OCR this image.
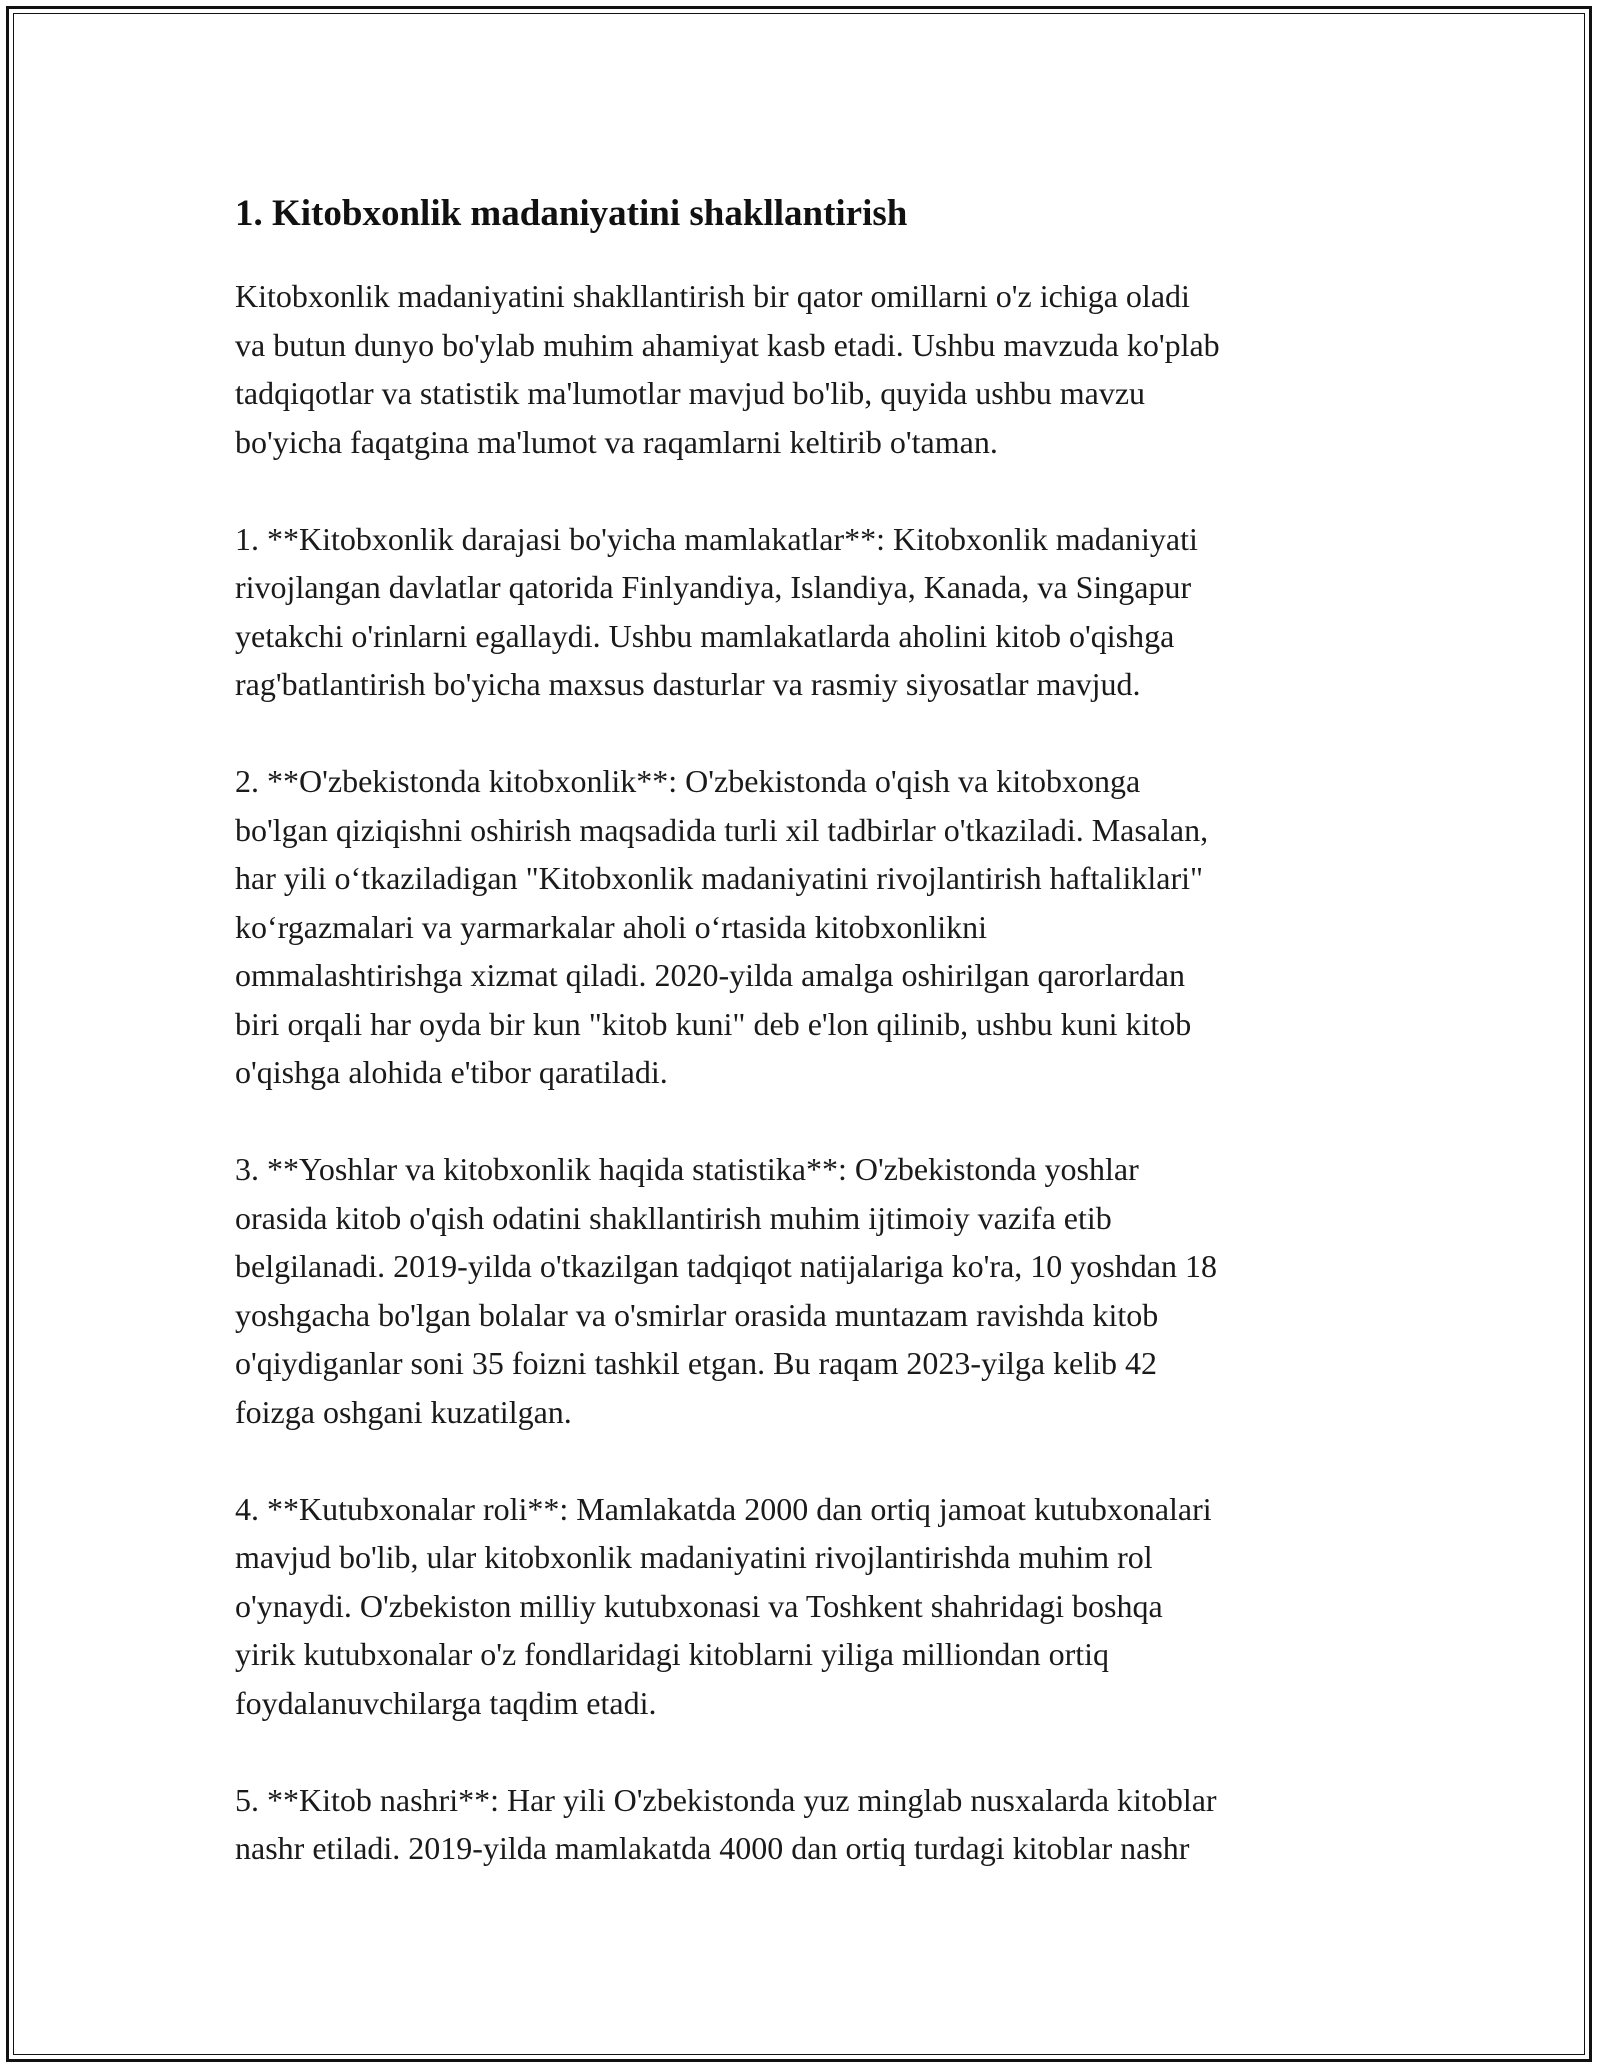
1. Kitobxonlik madaniyatini shakllantirish

Kitobxonlik madaniyatini shakllantirish bir qator omillarni o'z ichiga oladi
va butun dunyo bo'ylab muhim ahamiyat kasb etadi. Ushbu mavzuda ko'plab
tadqiqotlar va statistik ma'lumotlar mavjud bo'lib, quyida ushbu mavzu
bo'yicha faqatgina ma'lumot va raqamlarni keltirib o'taman.

1. **Kitobxonlik darajasi bo'yicha mamlakatlar**: Kitobxonlik madaniyati
rivojlangan davlatlar qatorida Finlyandiya, Islandiya, Kanada, va Singapur
yetakchi o'rinlarni egallaydi. Ushbu mamlakatlarda aholini kitob o'qishga
rag'batlantirish bo'yicha maxsus dasturlar va rasmiy siyosatlar mavjud.

2. **O'zbekistonda kitobxonlik**: O'zbekistonda o'qish va kitobxonga
bo'lgan qiziqishni oshirish maqsadida turli xil tadbirlar o'tkaziladi. Masalan,
har yili o‘tkaziladigan "Kitobxonlik madaniyatini rivojlantirish haftaliklari"
ko‘rgazmalari va yarmarkalar aholi o‘rtasida kitobxonlikni
ommalashtirishga xizmat qiladi. 2020-yilda amalga oshirilgan qarorlardan
biri orqali har oyda bir kun "kitob kuni" deb e'lon qilinib, ushbu kuni kitob
o'qishga alohida e'tibor qaratiladi.

3. **Yoshlar va kitobxonlik haqida statistika**: O'zbekistonda yoshlar
orasida kitob o'qish odatini shakllantirish muhim ijtimoiy vazifa etib
belgilanadi. 2019-yilda o'tkazilgan tadqiqot natijalariga ko'ra, 10 yoshdan 18
yoshgacha bo'lgan bolalar va o'smirlar orasida muntazam ravishda kitob
o'qiydiganlar soni 35 foizni tashkil etgan. Bu raqam 2023-yilga kelib 42
foizga oshgani kuzatilgan.

4. **Kutubxonalar roli**: Mamlakatda 2000 dan ortiq jamoat kutubxonalari
mavjud bo'lib, ular kitobxonlik madaniyatini rivojlantirishda muhim rol
o'ynaydi. O'zbekiston milliy kutubxonasi va Toshkent shahridagi boshqa
yirik kutubxonalar o'z fondlaridagi kitoblarni yiliga milliondan ortiq
foydalanuvchilarga taqdim etadi.

5. **Kitob nashri**: Har yili O'zbekistonda yuz minglab nusxalarda kitoblar
nashr etiladi. 2019-yilda mamlakatda 4000 dan ortiq turdagi kitoblar nashr
